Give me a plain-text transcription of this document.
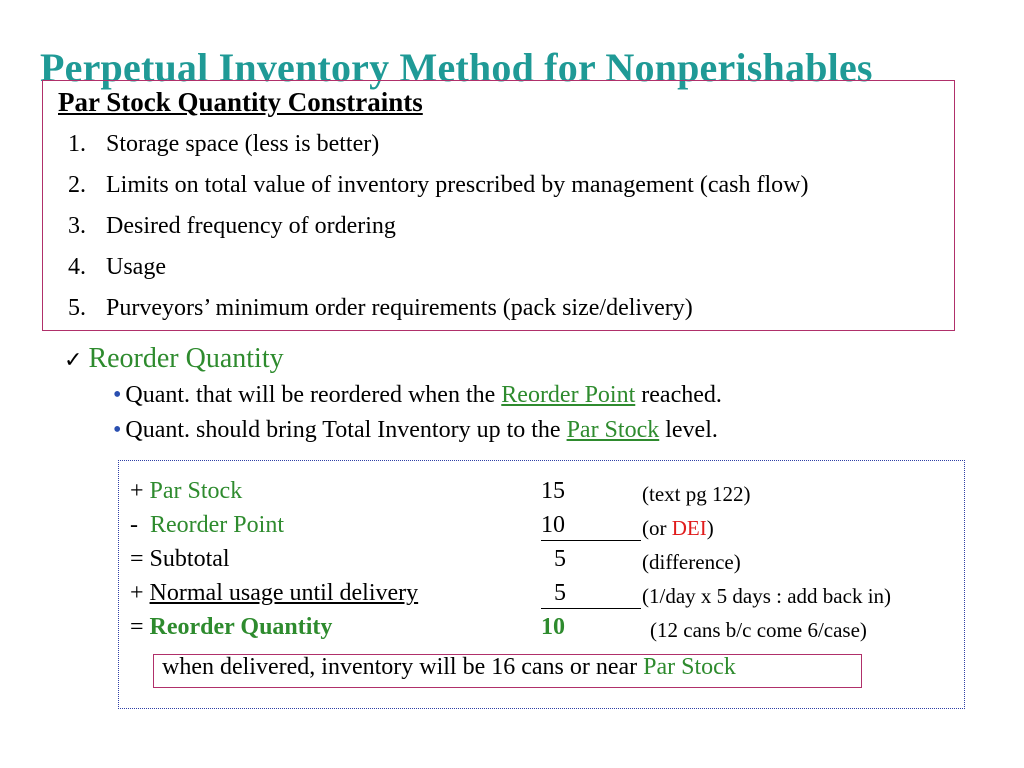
Perpetual Inventory Method for Nonperishables
Par Stock Quantity Constraints
1. Storage space (less is better)
2. Limits on total value of inventory prescribed by management (cash flow)
3. Desired frequency of ordering
4. Usage
5. Purveyors’ minimum order requirements (pack size/delivery)
✓ Reorder Quantity
• Quant. that will be reordered when the Reorder Point reached.
• Quant. should bring Total Inventory up to the Par Stock level.
+ Par Stock	15	(text pg 122)
-  Reorder Point	10	(or DEI)
= Subtotal	5	(difference)
+ Normal usage until delivery	5	(1/day x 5 days : add back in)
= Reorder Quantity	10	(12 cans b/c come 6/case)
when delivered, inventory will be 16 cans or near Par Stock
